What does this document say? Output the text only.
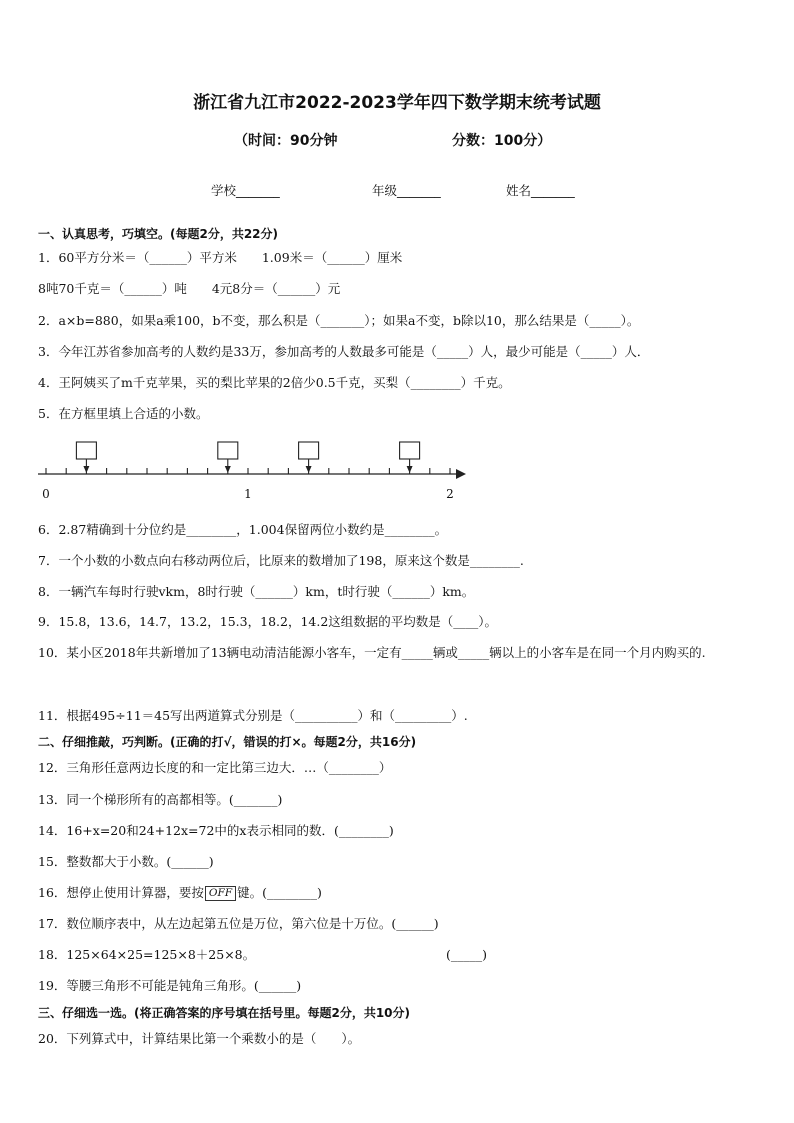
浙江省九江市2022-2023学年四下数学期末统考试题
（时间：90分钟	分数：100分）
学校_______	年级_______	姓名_______
一、认真思考，巧填空。(每题2分，共22分)
1．60平方分米＝（______）平方米　　1.09米＝（______）厘米
8吨70千克＝（______）吨　　4元8分＝（______）元
2．a×b=880，如果a乘100，b不变，那么积是（_______）；如果a不变，b除以10，那么结果是（_____）。
3．今年江苏省参加高考的人数约是33万，参加高考的人数最多可能是（_____）人，最少可能是（_____）人．
4．王阿姨买了m千克苹果，买的梨比苹果的2倍少0.5千克，买梨（________）千克。
5．在方框里填上合适的小数。
0	1	2
6．2.87精确到十分位约是________，1.004保留两位小数约是________。
7．一个小数的小数点向右移动两位后，比原来的数增加了198，原来这个数是________.
8．一辆汽车每时行驶vkm，8时行驶（______）km，t时行驶（______）km。
9．15.8，13.6，14.7，13.2，15.3，18.2，14.2这组数据的平均数是（____）。
10．某小区2018年共新增加了13辆电动清洁能源小客车，一定有_____辆或_____辆以上的小客车是在同一个月内购买的.
11．根据495÷11＝45写出两道算式分别是（__________）和（_________）.
二、仔细推敲，巧判断。(正确的打√，错误的打×。每题2分，共16分)
12．三角形任意两边长度的和一定比第三边大．…（________）
13．同一个梯形所有的高都相等。(_______)
14．16+x=20和24+12x=72中的x表示相同的数．(________)
15．整数都大于小数。(______)
16．想停止使用计算器，要按 OFF 键。(________)
17．数位顺序表中，从左边起第五位是万位，第六位是十万位。(______)
18．125×64×25=125×8＋25×8。	(_____)
19．等腰三角形不可能是钝角三角形。(______)
三、仔细选一选。(将正确答案的序号填在括号里。每题2分，共10分)
20．下列算式中，计算结果比第一个乘数小的是（　　）。
